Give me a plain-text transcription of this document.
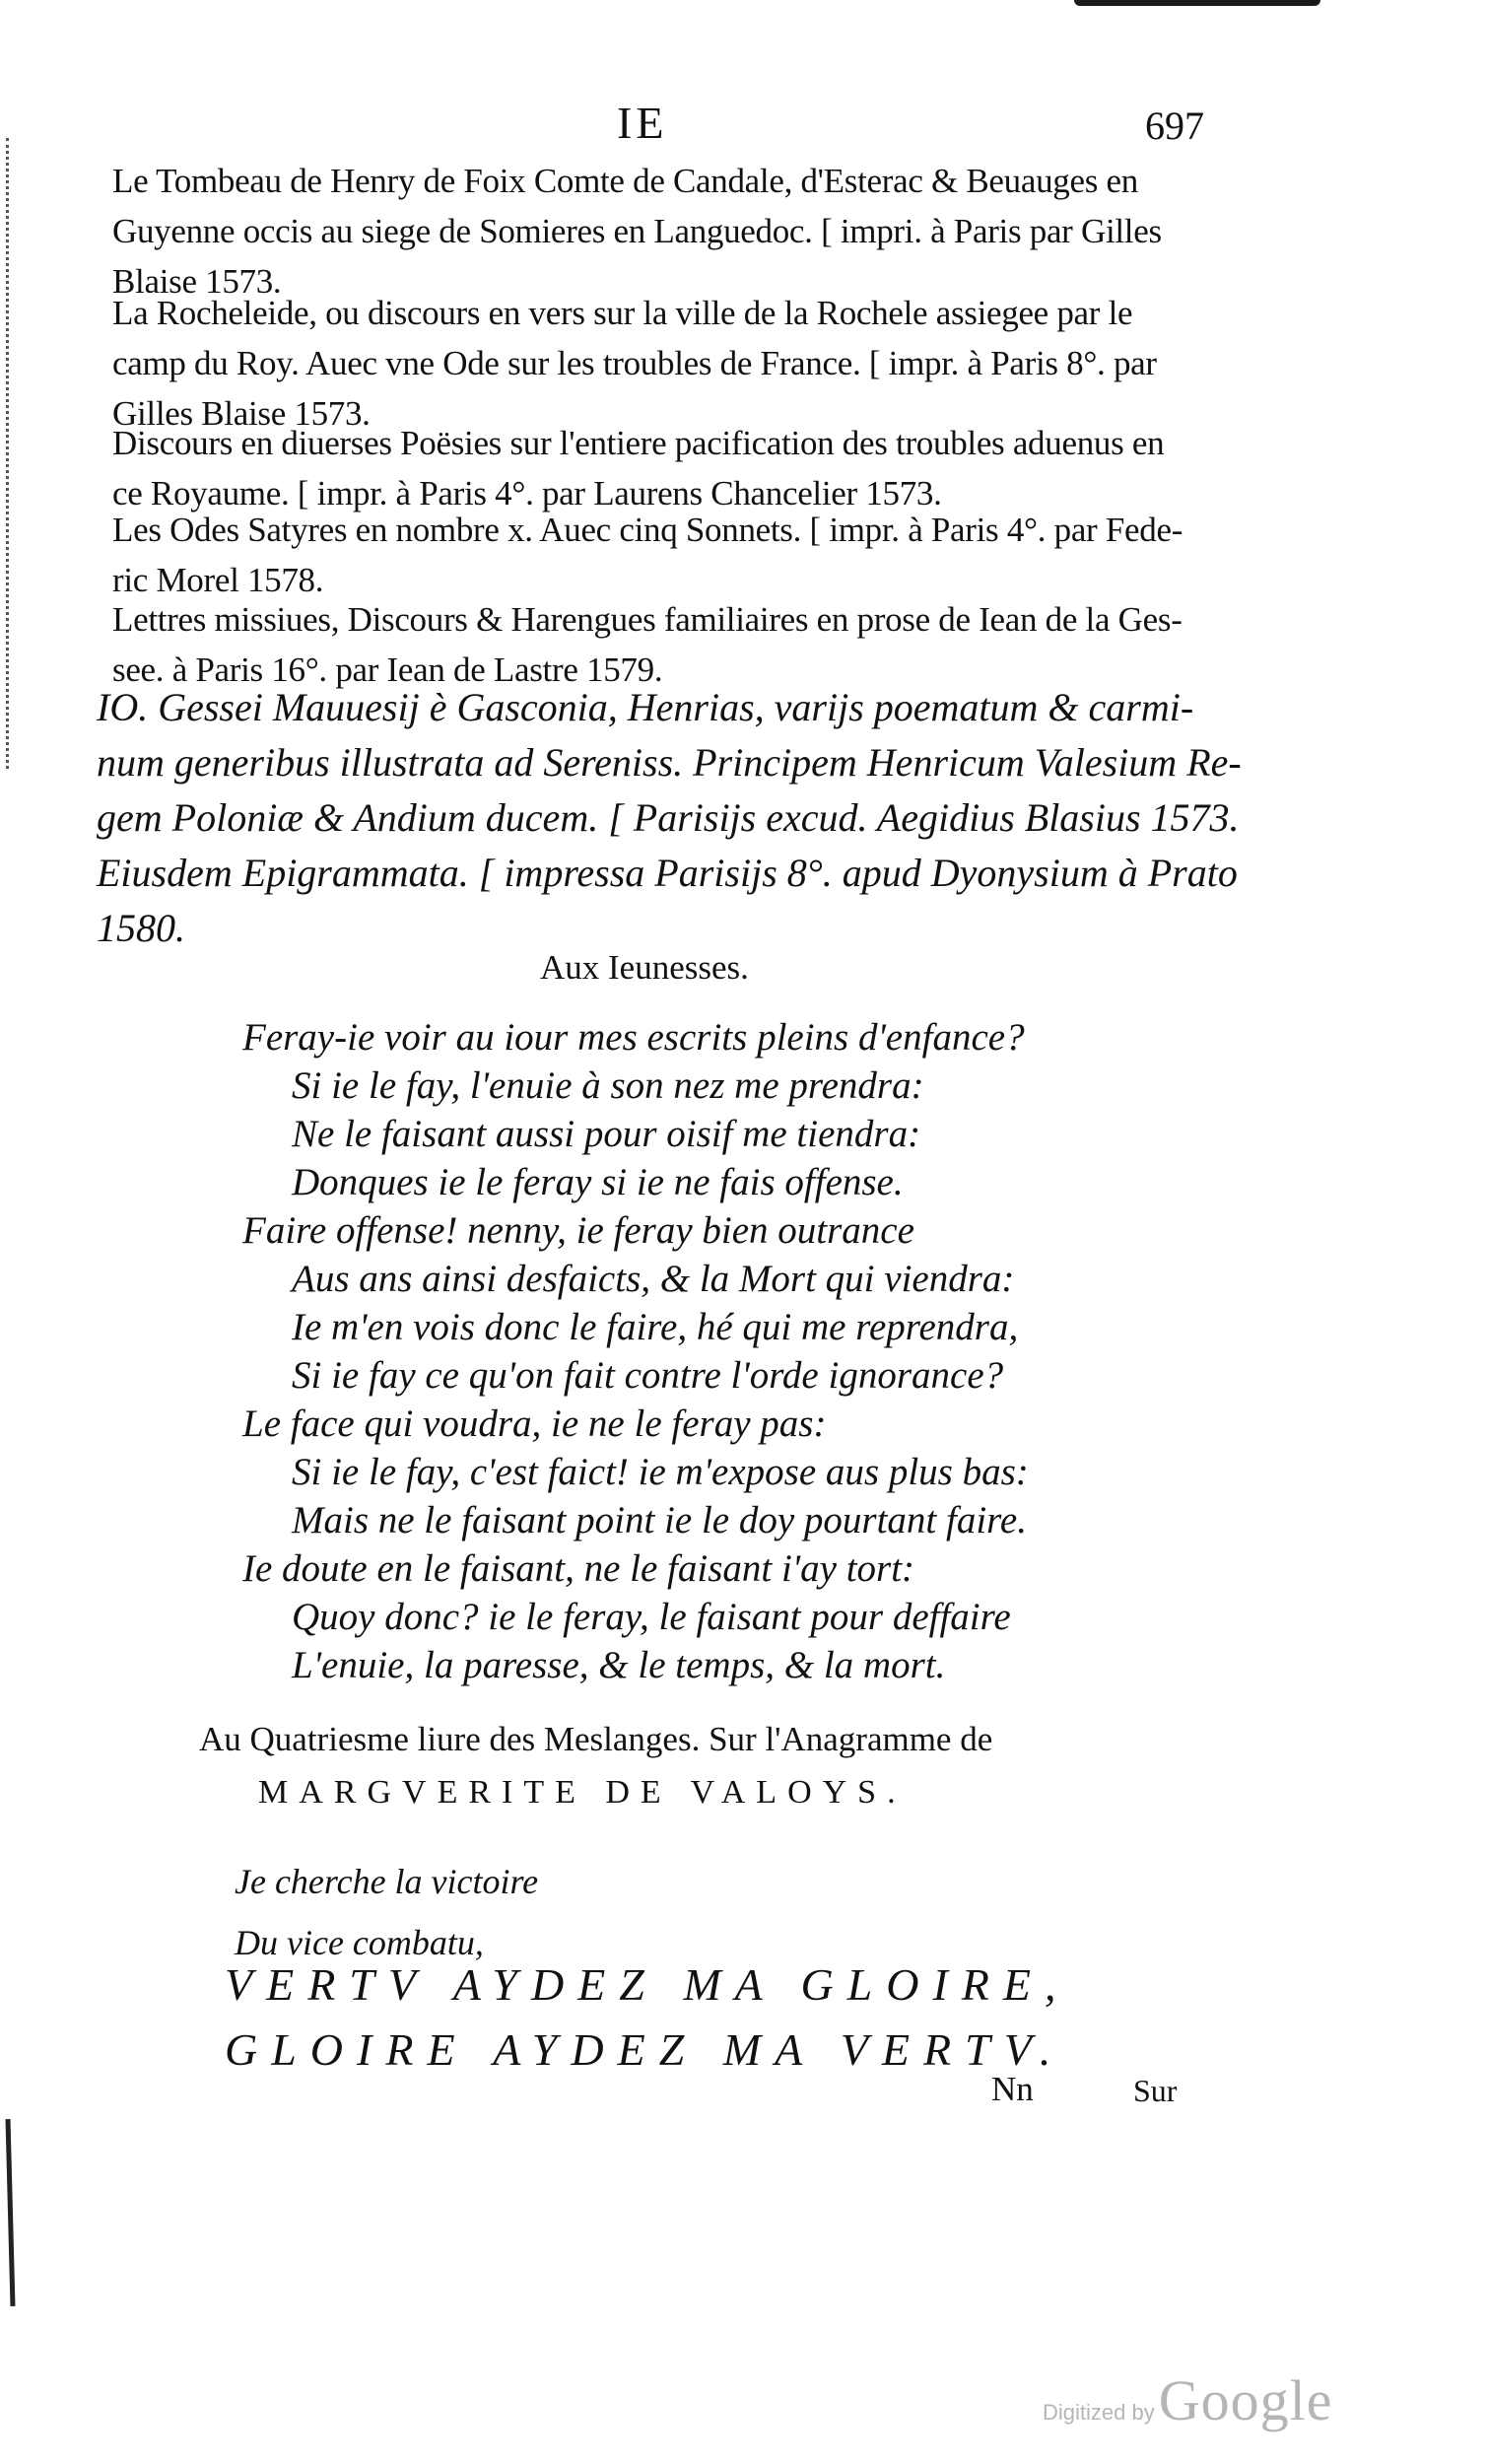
IE	697

Le Tombeau de Henry de Foix Comte de Candale, d'Esterac & Beuauges en

Guyenne occis au siege de Somieres en Languedoc. [ impri. à Paris par Gilles

Blaise 1573.

La Rocheleide, ou discours en vers sur la ville de la Rochele assiegee par le

camp du Roy. Auec vne Ode sur les troubles de France. [ impr. à Paris 8°. par

Gilles Blaise 1573.

Discours en diuerses Poësies sur l'entiere pacification des troubles aduenus en

ce Royaume. [ impr. à Paris 4°. par Laurens Chancelier 1573.

Les Odes Satyres en nombre x. Auec cinq Sonnets. [ impr. à Paris 4°. par Fede-

ric Morel 1578.

Lettres missiues, Discours & Harengues familiaires en prose de Iean de la Ges-

see. à Paris 16°. par Iean de Lastre 1579.

IO. Gessei Mauuesij è Gasconia, Henrias, varijs poematum & carmi-

num generibus illustrata ad Sereniss. Principem Henricum Valesium Re-

gem Poloniæ & Andium ducem. [ Parisijs excud. Aegidius Blasius 1573.

Eiusdem Epigrammata. [ impressa Parisijs 8°. apud Dyonysium à Prato

1580.

Aux Ieunesses.

Feray-ie voir au iour mes escrits pleins d'enfance?

Si ie le fay, l'enuie à son nez me prendra:

Ne le faisant aussi pour oisif me tiendra:

Donques ie le feray si ie ne fais offense.

Faire offense! nenny, ie feray bien outrance

Aus ans ainsi desfaicts, & la Mort qui viendra:

Ie m'en vois donc le faire, hé qui me reprendra,

Si ie fay ce qu'on fait contre l'orde ignorance?

Le face qui voudra, ie ne le feray pas:

Si ie le fay, c'est faict! ie m'expose aus plus bas:

Mais ne le faisant point ie le doy pourtant faire.

Ie doute en le faisant, ne le faisant i'ay tort:

Quoy donc? ie le feray, le faisant pour deffaire

L'enuie, la paresse, & le temps, & la mort.

Au Quatriesme liure des Meslanges. Sur l'Anagramme de
MARGVERITE DE VALOYS.

Je cherche la victoire

Du vice combatu,

VERTV AYDEZ MA GLOIRE,
GLOIRE AYDEZ MA VERTV.
Nn	Sur
Digitized by Google
